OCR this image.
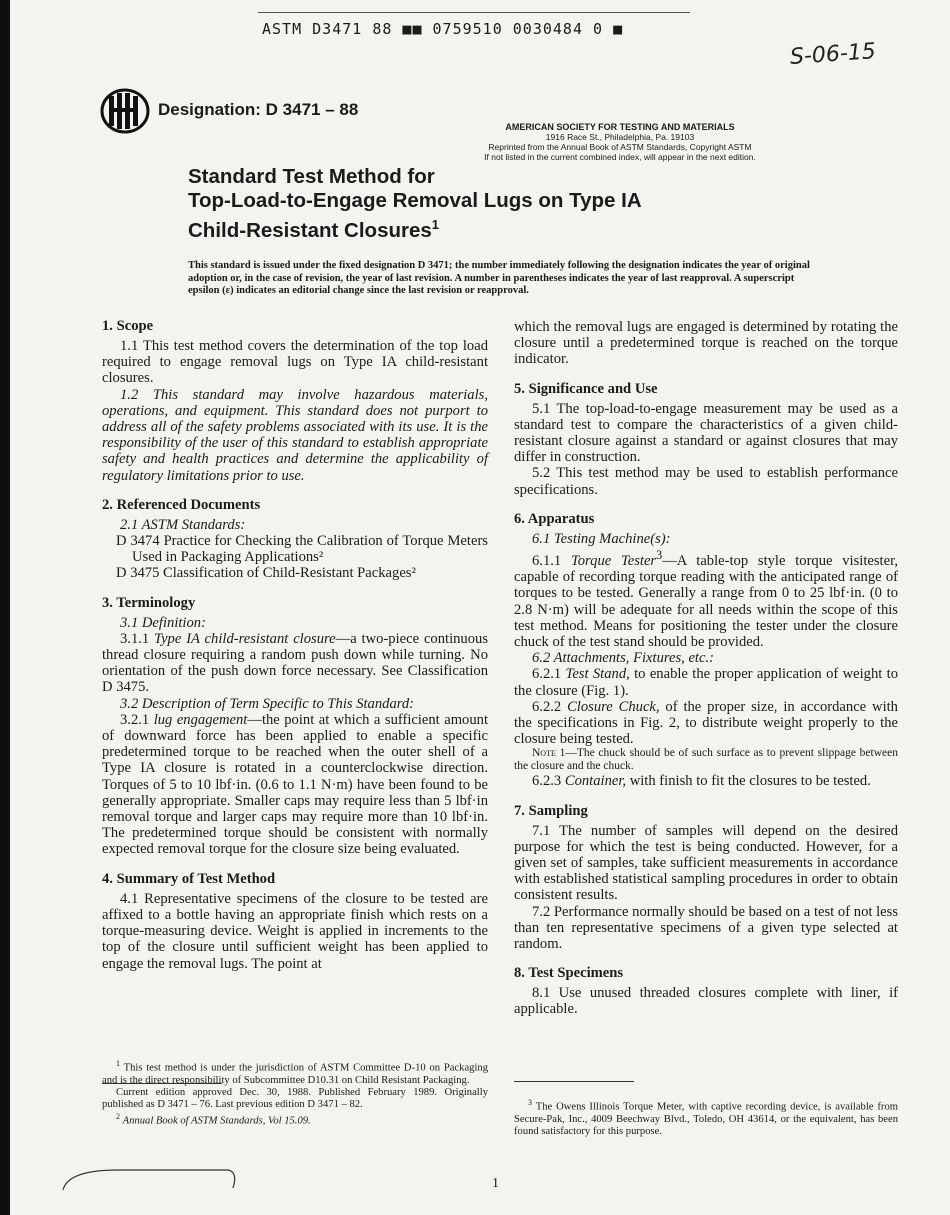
ASTM D3471 88 ■■ 0759510 0030484 0 ■
S-06-15
Designation: D 3471 – 88
AMERICAN SOCIETY FOR TESTING AND MATERIALS
1916 Race St., Philadelphia, Pa. 19103
Reprinted from the Annual Book of ASTM Standards, Copyright ASTM
If not listed in the current combined index, will appear in the next edition.
Standard Test Method for
Top-Load-to-Engage Removal Lugs on Type IA
Child-Resistant Closures$^1$
This standard is issued under the fixed designation D 3471; the number immediately following the designation indicates the year of original adoption or, in the case of revision, the year of last revision. A number in parentheses indicates the year of last reapproval. A superscript epsilon (ε) indicates an editorial change since the last revision or reapproval.
1. Scope

1.1 This test method covers the determination of the top load required to engage removal lugs on Type IA child-resistant closures.

1.2 This standard may involve hazardous materials, operations, and equipment. This standard does not purport to address all of the safety problems associated with its use. It is the responsibility of the user of this standard to establish appropriate safety and health practices and determine the applicability of regulatory limitations prior to use.

2. Referenced Documents

2.1 ASTM Standards:

D 3474 Practice for Checking the Calibration of Torque Meters Used in Packaging Applications²

D 3475 Classification of Child-Resistant Packages²

3. Terminology

3.1 Definition:

3.1.1 Type IA child-resistant closure—a two-piece continuous thread closure requiring a random push down while turning. No orientation of the push down force necessary. See Classification D 3475.

3.2 Description of Term Specific to This Standard:

3.2.1 lug engagement—the point at which a sufficient amount of downward force has been applied to enable a specific predetermined torque to be reached when the outer shell of a Type IA closure is rotated in a counterclockwise direction. Torques of 5 to 10 lbf·in. (0.6 to 1.1 N·m) have been found to be generally appropriate. Smaller caps may require less than 5 lbf·in removal torque and larger caps may require more than 10 lbf·in. The predetermined torque should be consistent with normally expected removal torque for the closure size being evaluated.

4. Summary of Test Method

4.1 Representative specimens of the closure to be tested are affixed to a bottle having an appropriate finish which rests on a torque-measuring device. Weight is applied in increments to the top of the closure until sufficient weight has been applied to engage the removal lugs. The point at

which the removal lugs are engaged is determined by rotating the closure until a predetermined torque is reached on the torque indicator.

5. Significance and Use

5.1 The top-load-to-engage measurement may be used as a standard test to compare the characteristics of a given child-resistant closure against a standard or against closures that may differ in construction.

5.2 This test method may be used to establish performance specifications.

6. Apparatus

6.1 Testing Machine(s):

6.1.1 Torque Tester$^3$—A table-top style torque visitester, capable of recording torque reading with the anticipated range of torques to be tested. Generally a range from 0 to 25 lbf·in. (0 to 2.8 N·m) will be adequate for all needs within the scope of this test method. Means for positioning the tester under the closure chuck of the test stand should be provided.

6.2 Attachments, Fixtures, etc.:

6.2.1 Test Stand, to enable the proper application of weight to the closure (Fig. 1).

6.2.2 Closure Chuck, of the proper size, in accordance with the specifications in Fig. 2, to distribute weight properly to the closure being tested.

Note 1—The chuck should be of such surface as to prevent slippage between the closure and the chuck.

6.2.3 Container, with finish to fit the closures to be tested.

7. Sampling

7.1 The number of samples will depend on the desired purpose for which the test is being conducted. However, for a given set of samples, take sufficient measurements in accordance with established statistical sampling procedures in order to obtain consistent results.

7.2 Performance normally should be based on a test of not less than ten representative specimens of a given type selected at random.

8. Test Specimens

8.1 Use unused threaded closures complete with liner, if applicable.

$^1$ This test method is under the jurisdiction of ASTM Committee D-10 on Packaging and is the direct responsibility of Subcommittee D10.31 on Child Resistant Packaging.

Current edition approved Dec. 30, 1988. Published February 1989. Originally published as D 3471 – 76. Last previous edition D 3471 – 82.

$^2$ Annual Book of ASTM Standards, Vol 15.09.

$^3$ The Owens Illinois Torque Meter, with captive recording device, is available from Secure-Pak, Inc., 4009 Beechway Blvd., Toledo, OH 43614, or the equivalent, has been found satisfactory for this purpose.

1
